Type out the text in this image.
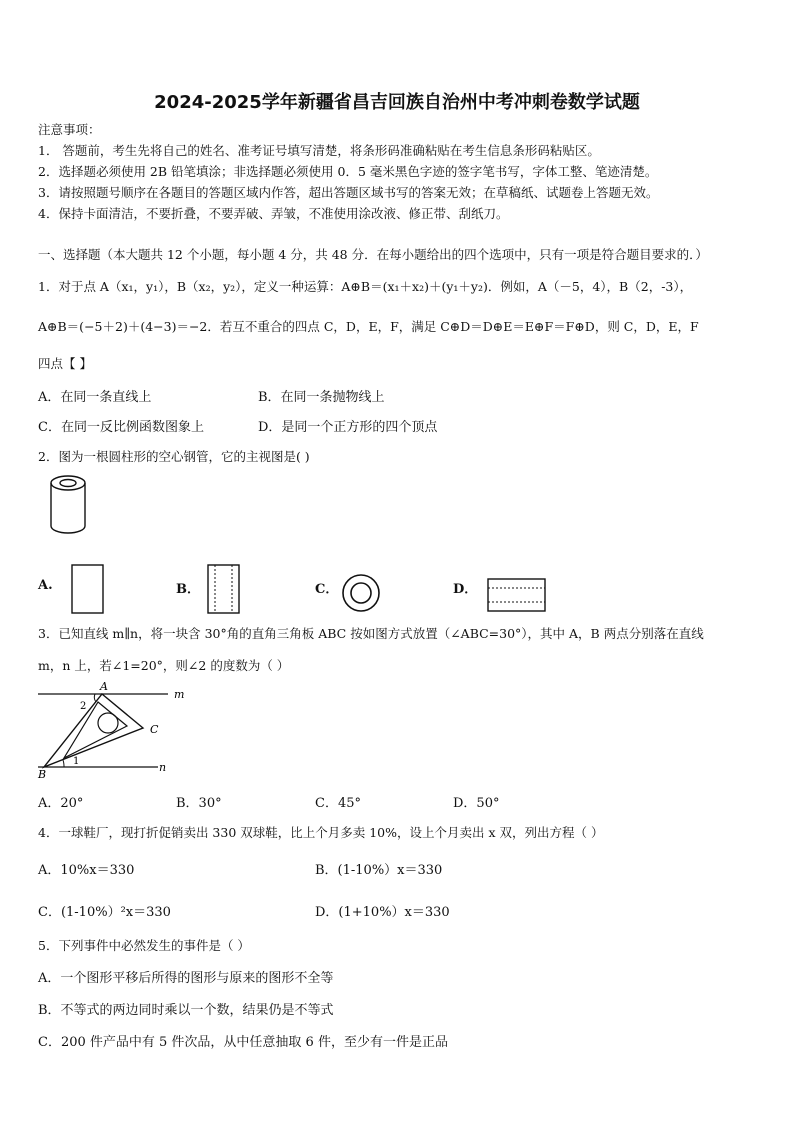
2024-2025学年新疆省昌吉回族自治州中考冲刺卷数学试题
注意事项：
1． 答题前，考生先将自己的姓名、准考证号填写清楚，将条形码准确粘贴在考生信息条形码粘贴区。
2．选择题必须使用 2B 铅笔填涂；非选择题必须使用 0．5 毫米黑色字迹的签字笔书写，字体工整、笔迹清楚。
3．请按照题号顺序在各题目的答题区域内作答，超出答题区域书写的答案无效；在草稿纸、试题卷上答题无效。
4．保持卡面清洁，不要折叠，不要弄破、弄皱，不准使用涂改液、修正带、刮纸刀。
一、选择题（本大题共 12 个小题，每小题 4 分，共 48 分．在每小题给出的四个选项中，只有一项是符合题目要求的．）
1．对于点 A（x₁，y₁），B（x₂，y₂），定义一种运算：A⊕B＝(x₁＋x₂)＋(y₁＋y₂)．例如，A（－5，4），B（2，-3），
A⊕B＝(−5＋2)＋(4−3)＝−2．若互不重合的四点 C，D，E，F，满足 C⊕D＝D⊕E＝E⊕F＝F⊕D，则 C，D，E，F
四点【 】
A．在同一条直线上	B．在同一条抛物线上
C．在同一反比例函数图象上	D．是同一个正方形的四个顶点
2．图为一根圆柱形的空心钢管，它的主视图是( )
A.	B．	C．	D．
3．已知直线 m∥n，将一块含 30°角的直角三角板 ABC 按如图方式放置（∠ABC=30°），其中 A，B 两点分别落在直线
m，n 上，若∠1=20°，则∠2 的度数为（ ）
A
B
C
m
n
1
2
A．20°	B．30°	C．45°	D．50°
4．一球鞋厂，现打折促销卖出 330 双球鞋，比上个月多卖 10%，设上个月卖出 x 双，列出方程（ ）
A．10%x＝330	B．(1-10%）x＝330
C．(1-10%）²x＝330	D．(1+10%）x＝330
5．下列事件中必然发生的事件是（ ）
A．一个图形平移后所得的图形与原来的图形不全等
B．不等式的两边同时乘以一个数，结果仍是不等式
C．200 件产品中有 5 件次品，从中任意抽取 6 件，至少有一件是正品
